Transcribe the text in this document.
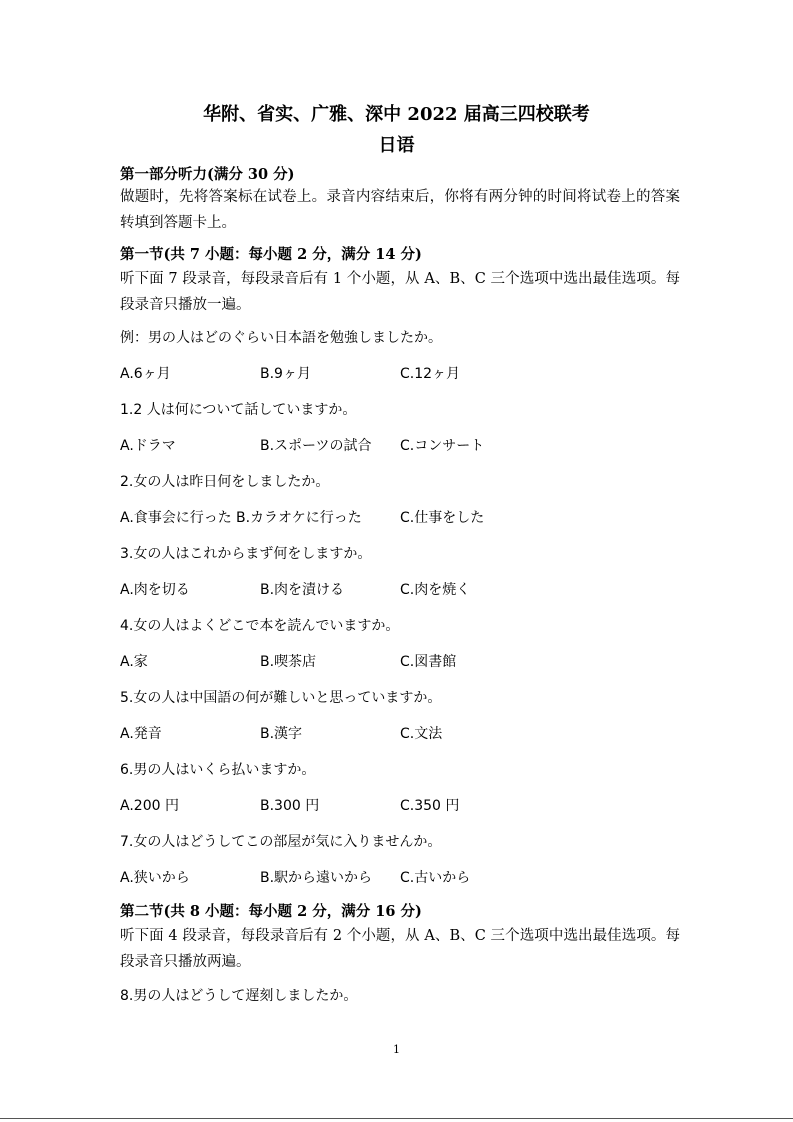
华附、省实、广雅、深中 2022 届高三四校联考
日语
第一部分听力(满分 30 分)
做题时，先将答案标在试卷上。录音内容结束后，你将有两分钟的时间将试卷上的答案转填到答题卡上。
第一节(共 7 小题：每小题 2 分，满分 14 分)
听下面 7 段录音，每段录音后有 1 个小题，从 A、B、C 三个选项中选出最佳选项。每段录音只播放一遍。
例：男の人はどのぐらい日本語を勉強しましたか。
A.6ヶ月	B.9ヶ月	C.12ヶ月
1.2 人は何について話していますか。
A.ドラマ	B.スポーツの試合 C.コンサート
2.女の人は昨日何をしましたか。
A.食事会に行った B.カラオケに行った	C.仕事をした
3.女の人はこれからまず何をしますか。
A.肉を切る	B.肉を漬ける	C.肉を焼く
4.女の人はよくどこで本を読んでいますか。
A.家	B.喫茶店	C.図書館
5.女の人は中国語の何が難しいと思っていますか。
A.発音	B.漢字	C.文法
6.男の人はいくら払いますか。
A.200 円	B.300 円	C.350 円
7.女の人はどうしてこの部屋が気に入りませんか。
A.狭いから	B.駅から遠いから C.古いから
第二节(共 8 小题：每小题 2 分，满分 16 分)
听下面 4 段录音，每段录音后有 2 个小题，从 A、B、C 三个选项中选出最佳选项。每段录音只播放两遍。
8.男の人はどうして遅刻しましたか。
1
